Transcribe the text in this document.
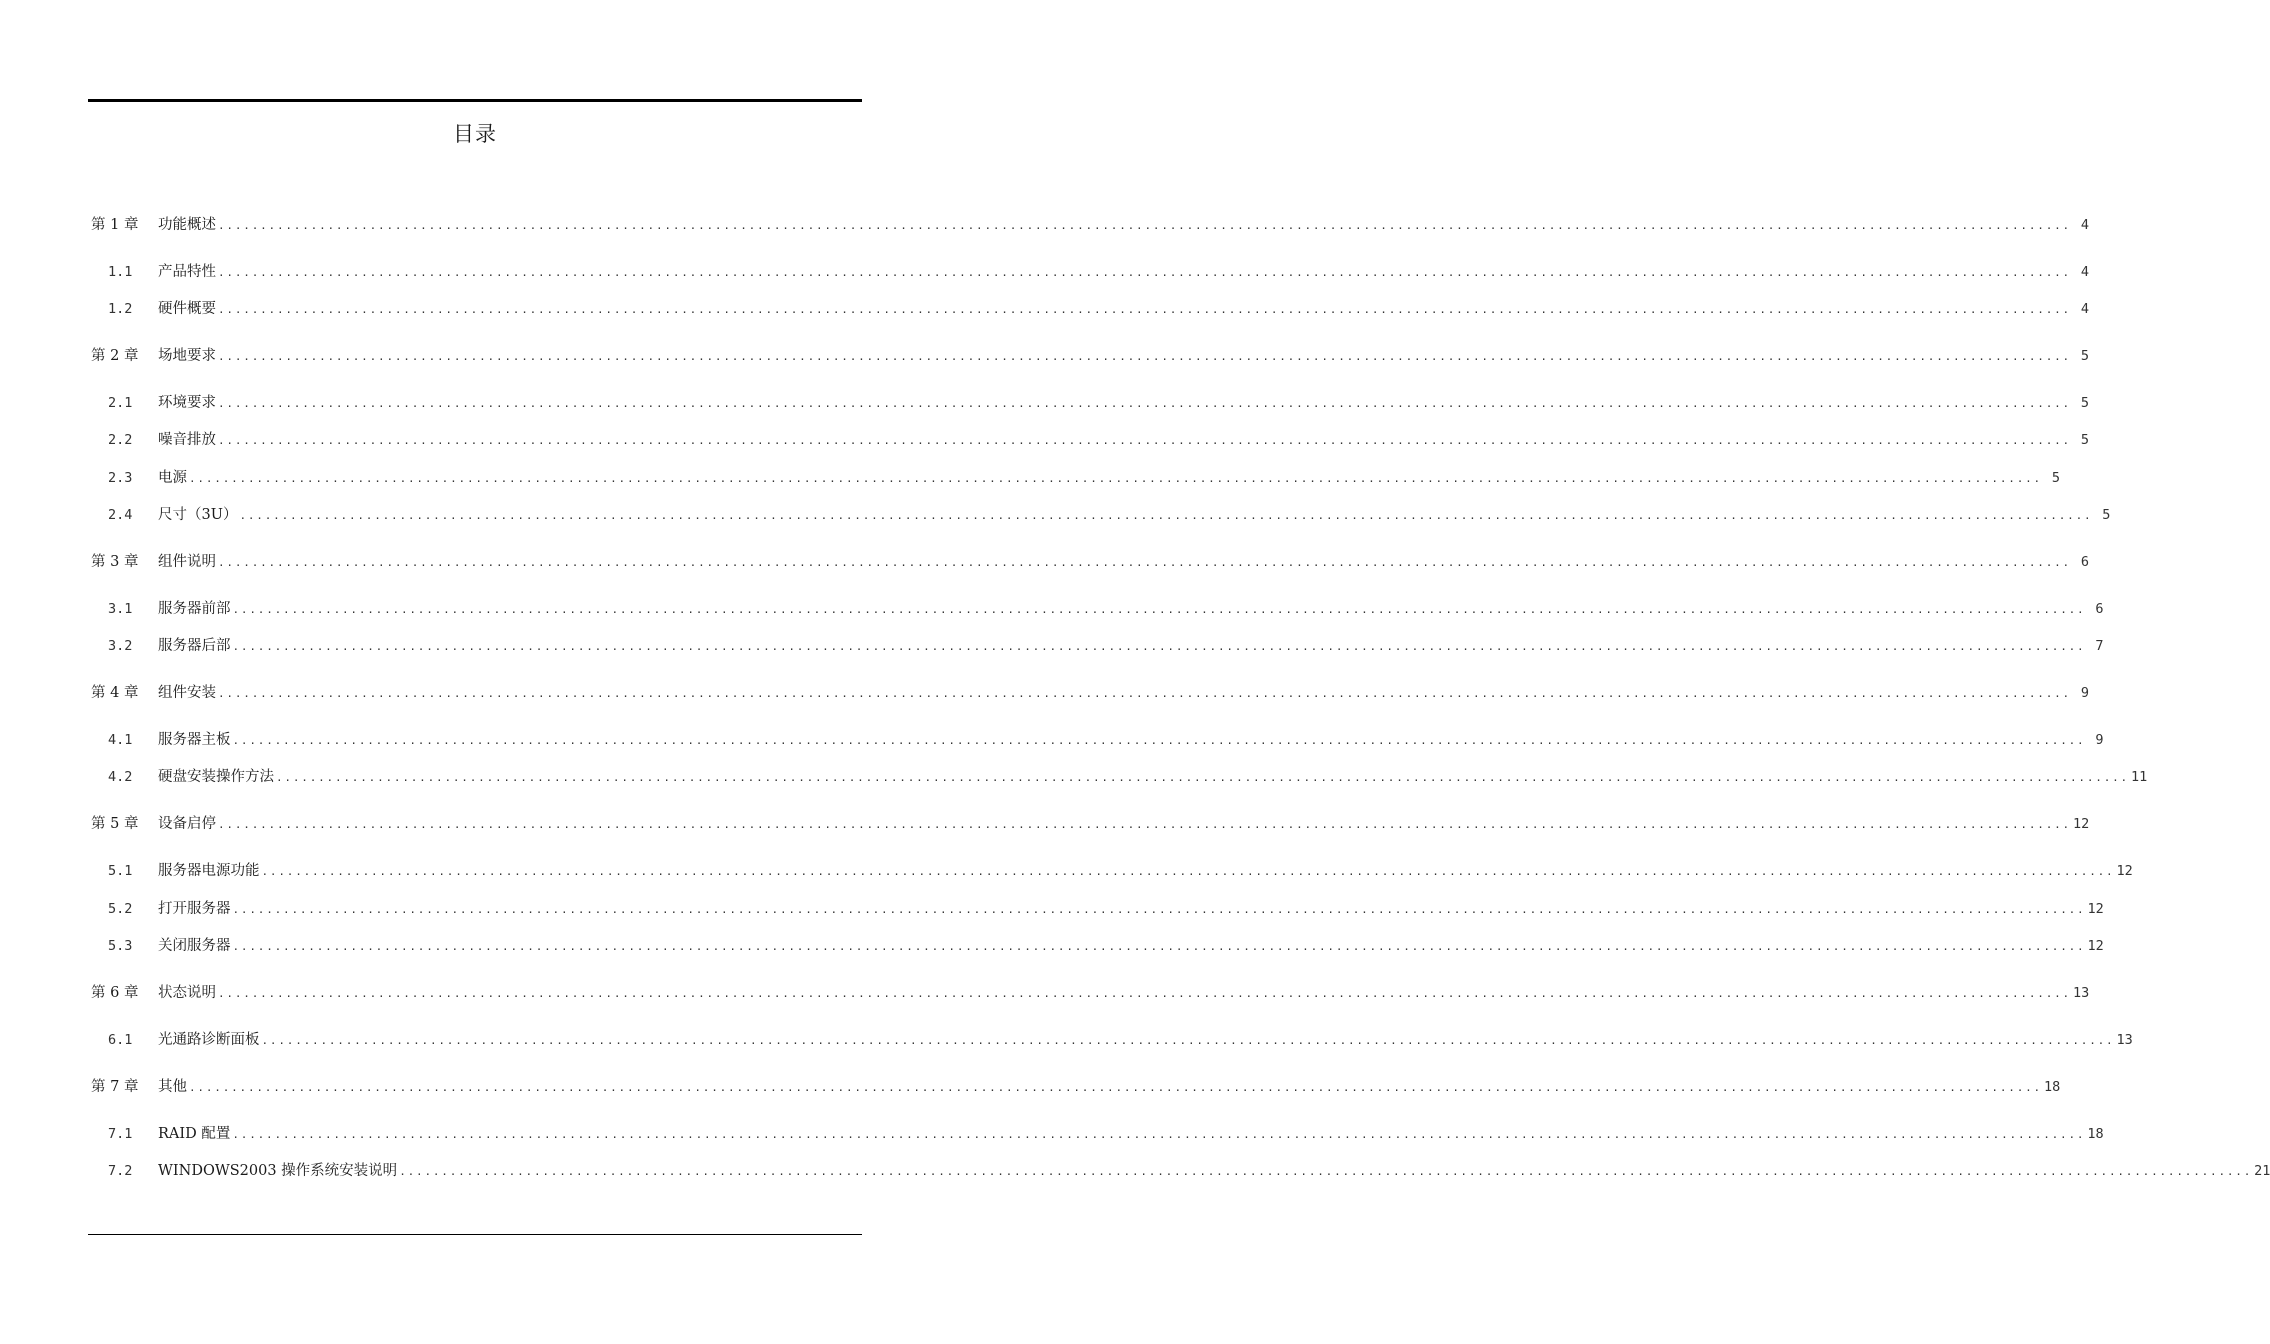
目录
第 1 章 功能概述 ............................................................................................................................................................................................................................ 4
1.1 产品特性 ............................................................................................................................................................................................................................ 4
1.2 硬件概要 ............................................................................................................................................................................................................................ 4
第 2 章 场地要求 ............................................................................................................................................................................................................................ 5
2.1 环境要求 ............................................................................................................................................................................................................................ 5
2.2 噪音排放 ............................................................................................................................................................................................................................ 5
2.3 电源 ............................................................................................................................................................................................................................ 5
2.4 尺寸（3U） ............................................................................................................................................................................................................................ 5
第 3 章 组件说明 ............................................................................................................................................................................................................................ 6
3.1 服务器前部 ............................................................................................................................................................................................................................ 6
3.2 服务器后部 ............................................................................................................................................................................................................................ 7
第 4 章 组件安装 ............................................................................................................................................................................................................................ 9
4.1 服务器主板 ............................................................................................................................................................................................................................ 9
4.2 硬盘安装操作方法 ............................................................................................................................................................................................................................ 11
第 5 章 设备启停 ............................................................................................................................................................................................................................ 12
5.1 服务器电源功能 ............................................................................................................................................................................................................................ 12
5.2 打开服务器 ............................................................................................................................................................................................................................ 12
5.3 关闭服务器 ............................................................................................................................................................................................................................ 12
第 6 章 状态说明 ............................................................................................................................................................................................................................ 13
6.1 光通路诊断面板 ............................................................................................................................................................................................................................ 13
第 7 章 其他 ............................................................................................................................................................................................................................ 18
7.1 RAID 配置 ............................................................................................................................................................................................................................ 18
7.2 WINDOWS2003 操作系统安装说明 ............................................................................................................................................................................................................................ 21
